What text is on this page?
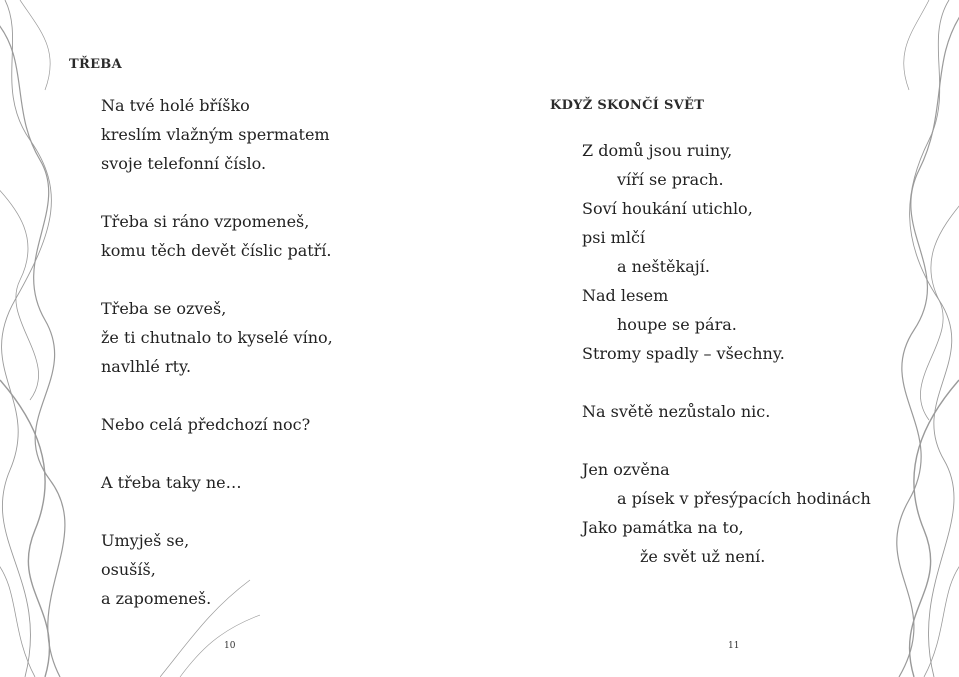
TŘEBA

Na tvé holé bříško
kreslím vlažným spermatem
svoje telefonní číslo.
Třeba si ráno vzpomeneš,
komu těch devět číslic patří.
Třeba se ozveš,
že ti chutnalo to kyselé víno,
navlhlé rty.
Nebo celá předchozí noc?
A třeba taky ne…
Umyješ se,
osušíš,
a zapomeneš.
10

KDYŽ SKONČÍ SVĚT

Z domů jsou ruiny,
víří se prach.
Soví houkání utichlo,
psi mlčí
a neštěkají.
Nad lesem
houpe se pára.
Stromy spadly – všechny.
Na světě nezůstalo nic.
Jen ozvěna
a písek v přesýpacích hodinách
Jako památka na to,
že svět už není.
11
